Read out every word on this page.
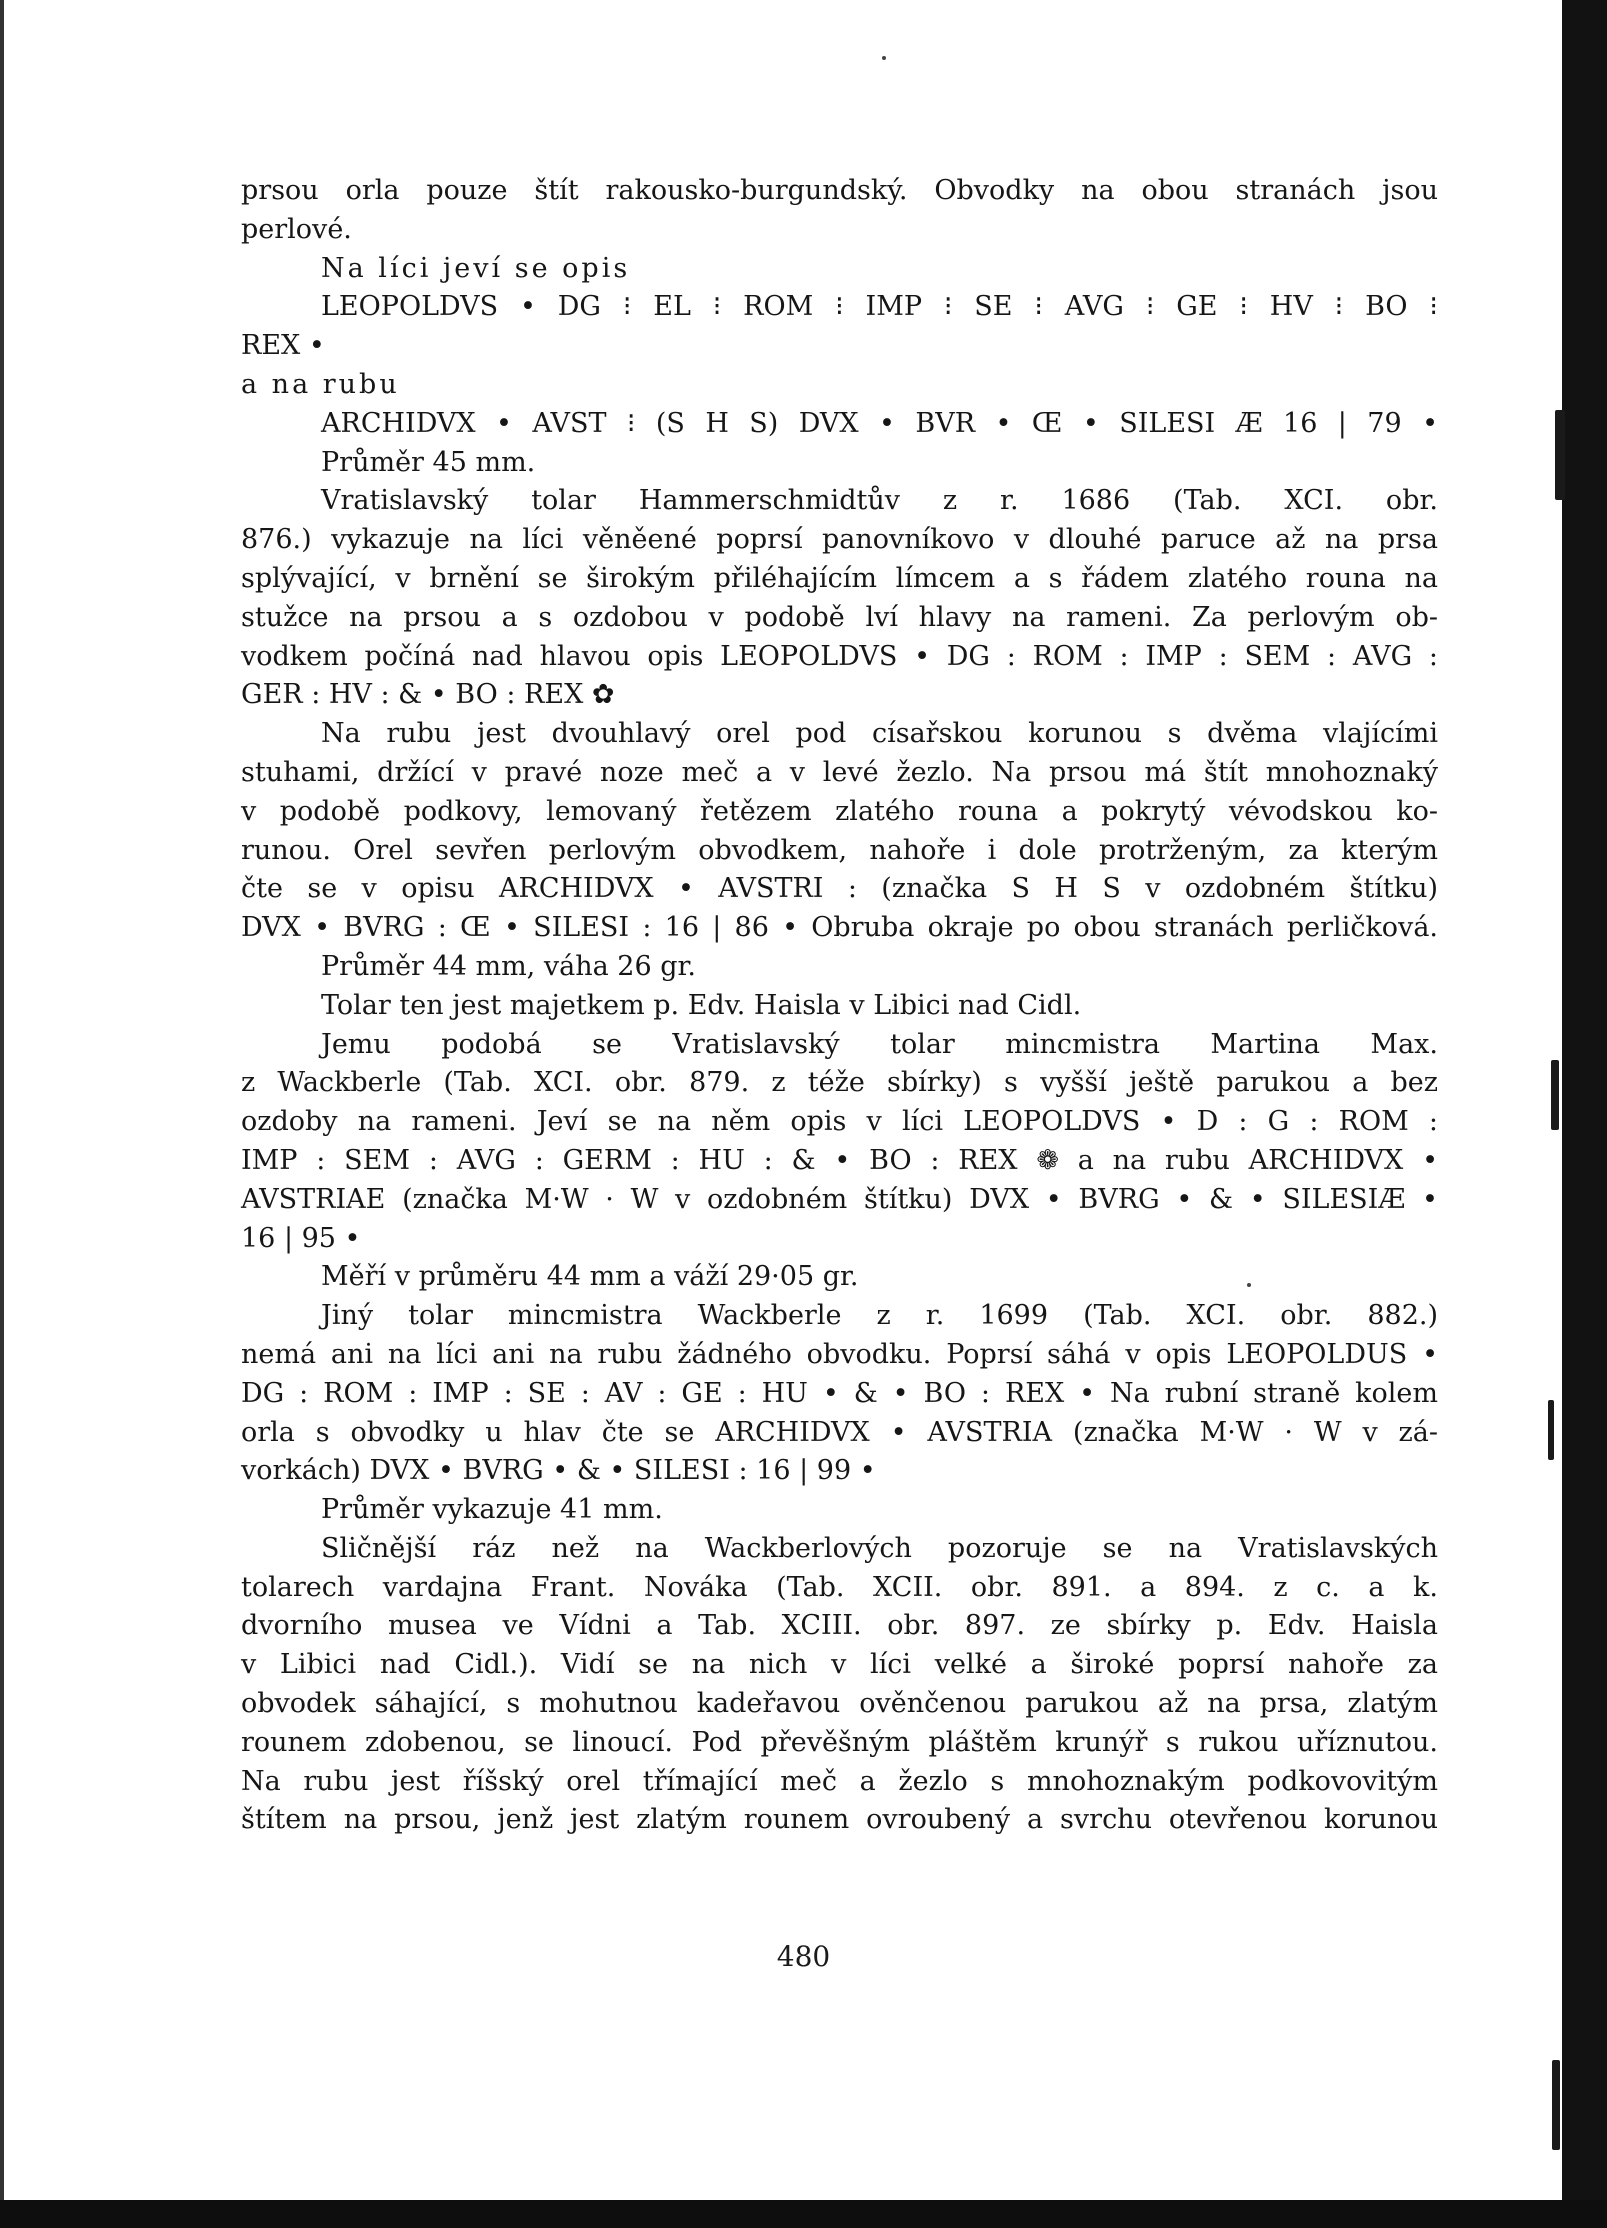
prsou orla pouze štít rakousko-burgundský. Obvodky na obou stranách jsou
perlové.
Na líci jeví se opis
LEOPOLDVS • DG ⁝ EL ⁝ ROM ⁝ IMP ⁝ SE ⁝ AVG ⁝ GE ⁝ HV ⁝ BO ⁝
REX •
a na rubu
ARCHIDVX • AVST ⁝ (S H S) DVX • BVR • Œ • SILESI Æ 16 | 79 •
Průměr 45 mm.
Vratislavský tolar Hammerschmidtův z r. 1686 (Tab. XCI. obr.
876.) vykazuje na líci věněené poprsí panovníkovo v dlouhé paruce až na prsa
splývající, v brnění se širokým přiléhajícím límcem a s řádem zlatého rouna na
stužce na prsou a s ozdobou v podobě lví hlavy na rameni. Za perlovým ob-
vodkem počíná nad hlavou opis LEOPOLDVS • DG : ROM : IMP : SEM : AVG :
GER : HV : & • BO : REX ✿
Na rubu jest dvouhlavý orel pod císařskou korunou s dvěma vlajícími
stuhami, držící v pravé noze meč a v levé žezlo. Na prsou má štít mnohoznaký
v podobě podkovy, lemovaný řetězem zlatého rouna a pokrytý vévodskou ko-
runou. Orel sevřen perlovým obvodkem, nahoře i dole protrženým, za kterým
čte se v opisu ARCHIDVX • AVSTRI : (značka S H S v ozdobném štítku)
DVX • BVRG : Œ • SILESI : 16 | 86 • Obruba okraje po obou stranách perličková.
Průměr 44 mm, váha 26 gr.
Tolar ten jest majetkem p. Edv. Haisla v Libici nad Cidl.
Jemu podobá se Vratislavský tolar mincmistra Martina Max.
z Wackberle (Tab. XCI. obr. 879. z téže sbírky) s vyšší ještě parukou a bez
ozdoby na rameni. Jeví se na něm opis v líci LEOPOLDVS • D : G : ROM :
IMP : SEM : AVG : GERM : HU : & • BO : REX ❁ a na rubu ARCHIDVX •
AVSTRIAE (značka M·W · W v ozdobném štítku) DVX • BVRG • & • SILESIÆ •
16 | 95 •
Měří v průměru 44 mm a váží 29·05 gr.
Jiný tolar mincmistra Wackberle z r. 1699 (Tab. XCI. obr. 882.)
nemá ani na líci ani na rubu žádného obvodku. Poprsí sáhá v opis LEOPOLDUS •
DG : ROM : IMP : SE : AV : GE : HU • & • BO : REX • Na rubní straně kolem
orla s obvodky u hlav čte se ARCHIDVX • AVSTRIA (značka M·W · W v zá-
vorkách) DVX • BVRG • & • SILESI : 16 | 99 •
Průměr vykazuje 41 mm.
Sličnější ráz než na Wackberlových pozoruje se na Vratislavských
tolarech vardajna Frant. Nováka (Tab. XCII. obr. 891. a 894. z c. a k.
dvorního musea ve Vídni a Tab. XCIII. obr. 897. ze sbírky p. Edv. Haisla
v Libici nad Cidl.). Vidí se na nich v líci velké a široké poprsí nahoře za
obvodek sáhající, s mohutnou kadeřavou ověnčenou parukou až na prsa, zlatým
rounem zdobenou, se linoucí. Pod převěšným pláštěm krunýř s rukou uříznutou.
Na rubu jest říšský orel třímající meč a žezlo s mnohoznakým podkovovitým
štítem na prsou, jenž jest zlatým rounem ovroubený a svrchu otevřenou korunou
480
